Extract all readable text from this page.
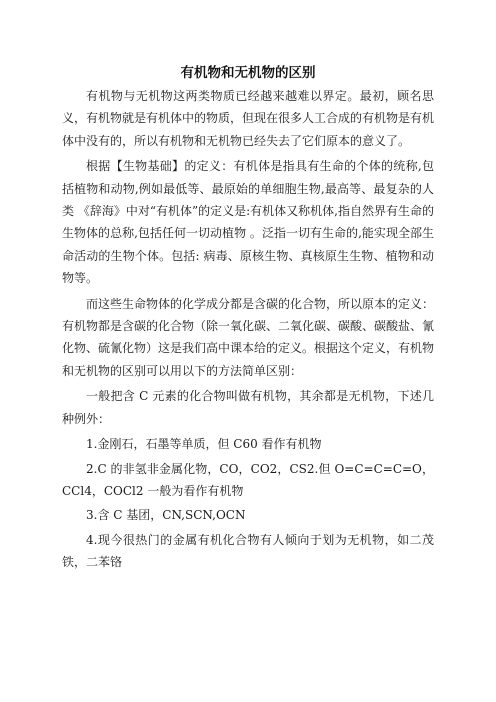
有机物和无机物的区别

有机物与无机物这两类物质已经越来越难以界定。最初，顾名思义，有机物就是有机体中的物质，但现在很多人工合成的有机物是有机体中没有的，所以有机物和无机物已经失去了它们原本的意义了。

根据【生物基础】的定义：有机体是指具有生命的个体的统称,包括植物和动物,例如最低等、最原始的单细胞生物,最高等、最复杂的人类 《辞海》中对“有机体”的定义是:有机体又称机体,指自然界有生命的生物体的总称,包括任何一切动植物 。泛指一切有生命的,能实现全部生命活动的生物个体。包括: 病毒、原核生物、真核原生生物、植物和动物等。

而这些生命物体的化学成分都是含碳的化合物，所以原本的定义：有机物都是含碳的化合物（除一氧化碳、二氧化碳、碳酸、碳酸盐、氰化物、硫氰化物）这是我们高中课本给的定义。根据这个定义，有机物和无机物的区别可以用以下的方法简单区别：

一般把含 C 元素的化合物叫做有机物，其余都是无机物，下述几种例外：

1.金刚石，石墨等单质，但 C60 看作有机物

2.C 的非氢非金属化物，CO，CO2，CS2.但 O=C=C=C=O，CCl4，COCl2 一般为看作有机物

3.含 C 基团，CN,SCN,OCN

4.现今很热门的金属有机化合物有人倾向于划为无机物，如二茂铁，二苯铬
